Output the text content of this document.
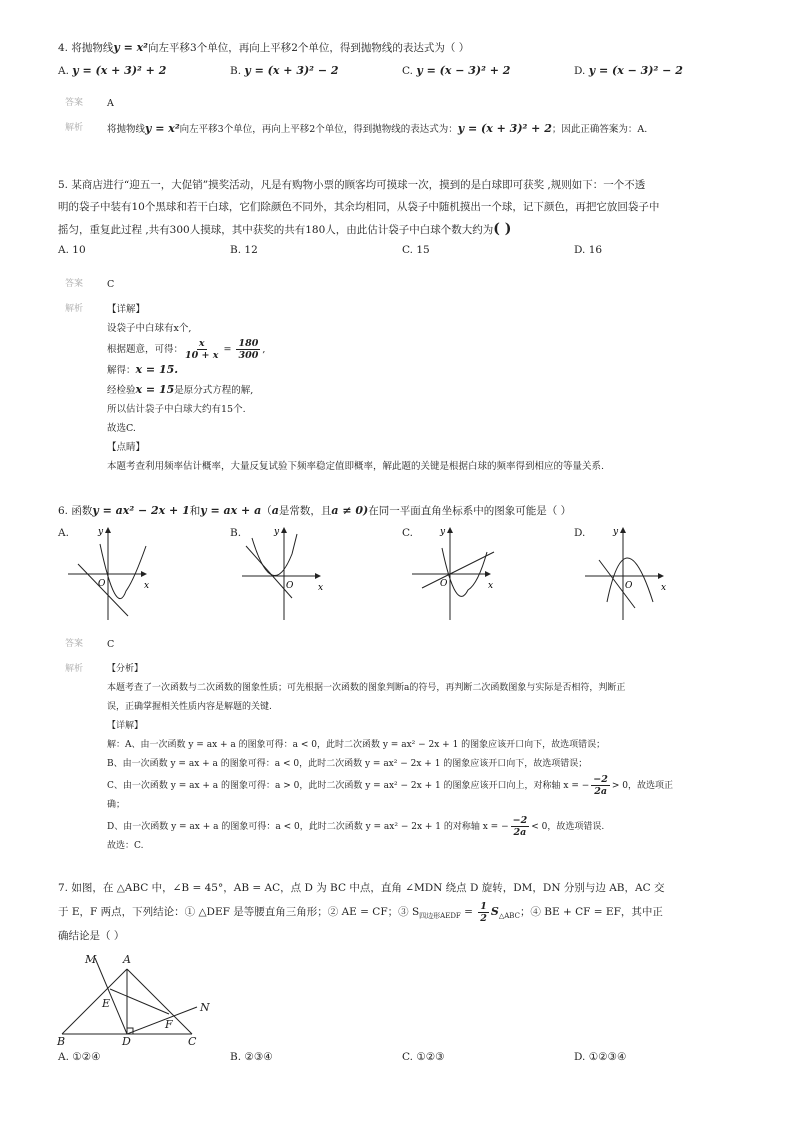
4. 将抛物线y = x²向左平移3个单位，再向上平移2个单位，得到抛物线的表达式为（ ）
A. y = (x + 3)² + 2	B. y = (x + 3)² − 2	C. y = (x − 3)² + 2	D. y = (x − 3)² − 2
答案	A
解析	将抛物线y = x²向左平移3个单位，再向上平移2个单位，得到抛物线的表达式为：y = (x + 3)² + 2；因此正确答案为：A.
5. 某商店进行“迎五一，大促销”摸奖活动，凡是有购物小票的顾客均可摸球一次，摸到的是白球即可获奖 ,规则如下：一个不透
明的袋子中装有10个黑球和若干白球，它们除颜色不同外，其余均相同，从袋子中随机摸出一个球，记下颜色，再把它放回袋子中
摇匀，重复此过程 ,共有300人摸球，其中获奖的共有180人，由此估计袋子中白球个数大约为( )
A. 10	B. 12	C. 15	D. 16
答案	C
解析	【详解】
设袋子中白球有x个,
根据题意，可得： $\frac{x}{10 + x} = \frac{180}{300}$ ,
解得：x = 15.
经检验x = 15是原分式方程的解,
所以估计袋子中白球大约有15个.
故选C.
【点睛】
本题考查利用频率估计概率，大量反复试验下频率稳定值即概率，解此题的关键是根据白球的频率得到相应的等量关系.
6. 函数y = ax² − 2x + 1和y = ax + a（a是常数，且a ≠ 0)在同一平面直角坐标系中的图象可能是（ ）
A.	B.	C.	D.
y
x
O
y
x
O
y
x
O
y
x
O
答案	C
解析	【分析】
本题考查了一次函数与二次函数的图象性质；可先根据一次函数的图象判断a的符号，再判断二次函数图象与实际是否相符，判断正
误，正确掌握相关性质内容是解题的关键.
【详解】
解：A、由一次函数 y = ax + a 的图象可得：a < 0，此时二次函数 y = ax² − 2x + 1 的图象应该开口向下，故选项错误；
B、由一次函数 y = ax + a 的图象可得：a < 0，此时二次函数 y = ax² − 2x + 1 的图象应该开口向下，故选项错误；
C、由一次函数 y = ax + a 的图象可得：a > 0，此时二次函数 y = ax² − 2x + 1 的图象应该开口向上，对称轴 x = − $\frac{-2}{2a} > 0$，故选项正
确；
D、由一次函数 y = ax + a 的图象可得：a < 0，此时二次函数 y = ax² − 2x + 1 的对称轴 x = − $\frac{-2}{2a} < 0$，故选项错误.
故选：C.
7. 如图，在 △ABC 中，∠B = 45°，AB = AC，点 D 为 BC 中点，直角 ∠MDN 绕点 D 旋转，DM，DN 分别与边 AB，AC 交
于 E，F 两点，下列结论：① △DEF 是等腰直角三角形；② AE = CF；③ $S_{四边形AEDF} = \frac{1}{2} S_{\triangle ABC}$；④ BE + CF = EF，其中正
确结论是（ ）
M A
E	N
F
B	D	C
A. ①②④	B. ②③④	C. ①②③	D. ①②③④
